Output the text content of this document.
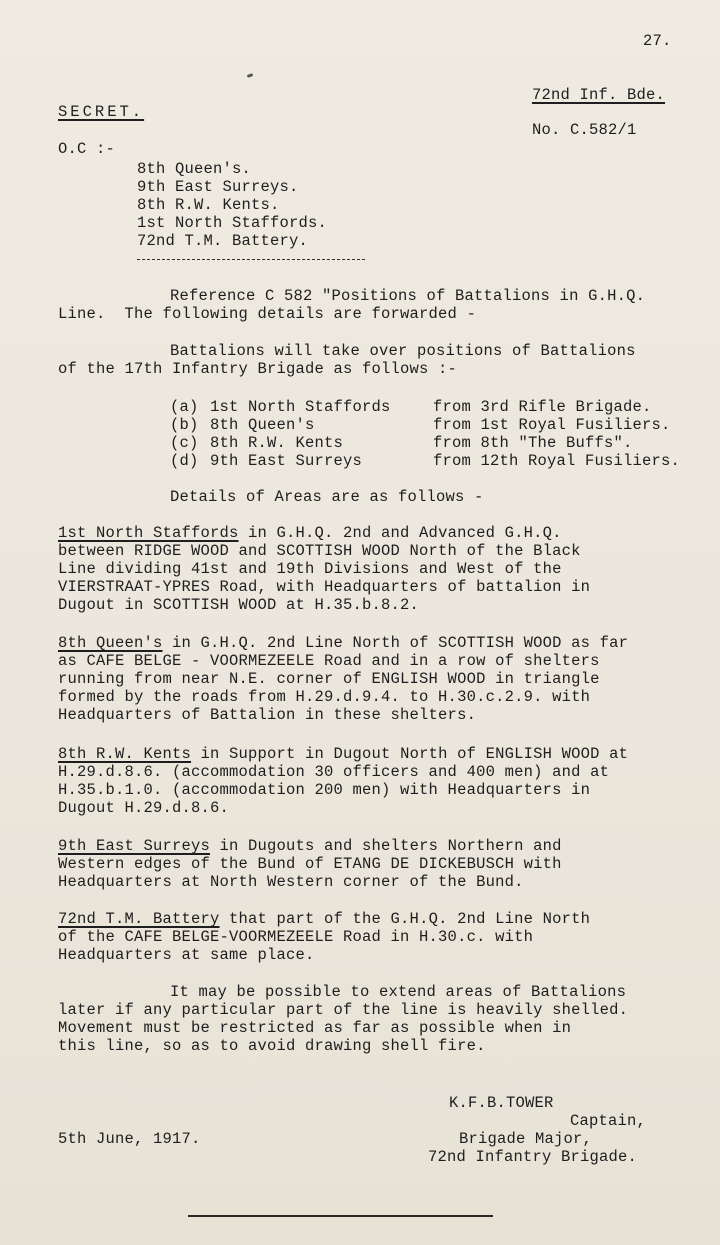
27.
72nd Inf. Bde.
SECRET.
No. C.582/1
O.C :-
8th Queen's.
9th East Surreys.
8th R.W. Kents.
1st North Staffords.
72nd T.M. Battery.
Reference C 582 "Positions of Battalions in G.H.Q.
Line.  The following details are forwarded -
Battalions will take over positions of Battalions
of the 17th Infantry Brigade as follows :-
(a) 1st North Staffords	from 3rd Rifle Brigade.
(b) 8th Queen's	from 1st Royal Fusiliers.
(c) 8th R.W. Kents	from 8th "The Buffs".
(d) 9th East Surreys	from 12th Royal Fusiliers.
Details of Areas are as follows -
1st North Staffords in G.H.Q. 2nd and Advanced G.H.Q.
between RIDGE WOOD and SCOTTISH WOOD North of the Black
Line dividing 41st and 19th Divisions and West of the
VIERSTRAAT-YPRES Road, with Headquarters of battalion in
Dugout in SCOTTISH WOOD at H.35.b.8.2.
8th Queen's in G.H.Q. 2nd Line North of SCOTTISH WOOD as far
as CAFE BELGE - VOORMEZEELE Road and in a row of shelters
running from near N.E. corner of ENGLISH WOOD in triangle
formed by the roads from H.29.d.9.4. to H.30.c.2.9. with
Headquarters of Battalion in these shelters.
8th R.W. Kents in Support in Dugout North of ENGLISH WOOD at
H.29.d.8.6. (accommodation 30 officers and 400 men) and at
H.35.b.1.0. (accommodation 200 men) with Headquarters in
Dugout H.29.d.8.6.
9th East Surreys in Dugouts and shelters Northern and
Western edges of the Bund of ETANG DE DICKEBUSCH with
Headquarters at North Western corner of the Bund.
72nd T.M. Battery that part of the G.H.Q. 2nd Line North
of the CAFE BELGE-VOORMEZEELE Road in H.30.c. with
Headquarters at same place.
It may be possible to extend areas of Battalions
later if any particular part of the line is heavily shelled.
Movement must be restricted as far as possible when in
this line, so as to avoid drawing shell fire.
K.F.B.TOWER
Captain,
5th June, 1917.	Brigade Major,
72nd Infantry Brigade.
